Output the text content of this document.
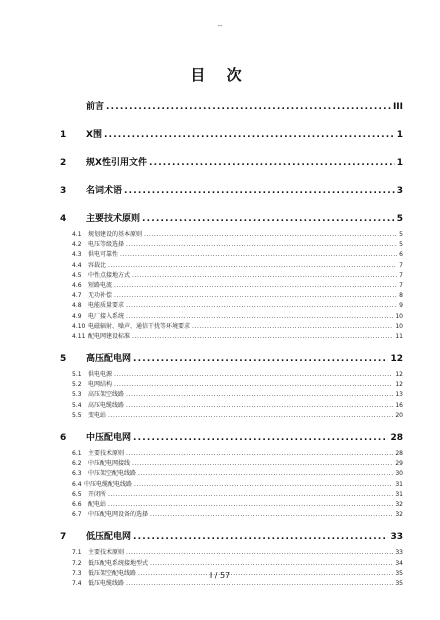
--
目 次
前言 .....	III
1	X围 .....	1
2	规X性引用文件 .....	1
3	名词术语 .....	3
4	主要技术原则 .....	5
4.1	规划建设的基本原则 .....	5
4.2	电压等级选择 .....	5
4.3	供电可靠性 .....	6
4.4	容载比 .....	7
4.5	中性点接地方式 .....	7
4.6	短路电流 .....	7
4.7	无功补偿 .....	8
4.8	电能质量要求 .....	9
4.9	电厂接入系统 .....	10
4.10 电磁辐射、噪声、通信干扰等环境要求 .....	10
4.11 配电网建设标准 .....	11
5	高压配电网 .....	12
5.1	供电电源 .....	12
5.2	电网结构 .....	12
5.3	高压架空线路 .....	13
5.4	高压电缆线路 .....	16
5.5	变电站 .....	20
6	中压配电网 .....	28
6.1	主要技术原则 .....	28
6.2	中压配电网接线 .....	29
6.3	中压架空配电线路 .....	30
6.4 中压电缆配电线路 .....	31
6.5	开闭所 .....	31
6.6	配电站 .....	32
6.7	中压配电网设备的选择 .....	32
7	低压配电网 .....	33
7.1	主要技术原则 .....	33
7.2	低压配电系统接地型式 .....	34
7.3	低压架空配电线路 .....	35
7.4	低压电缆线路 .....	35
I / 57
